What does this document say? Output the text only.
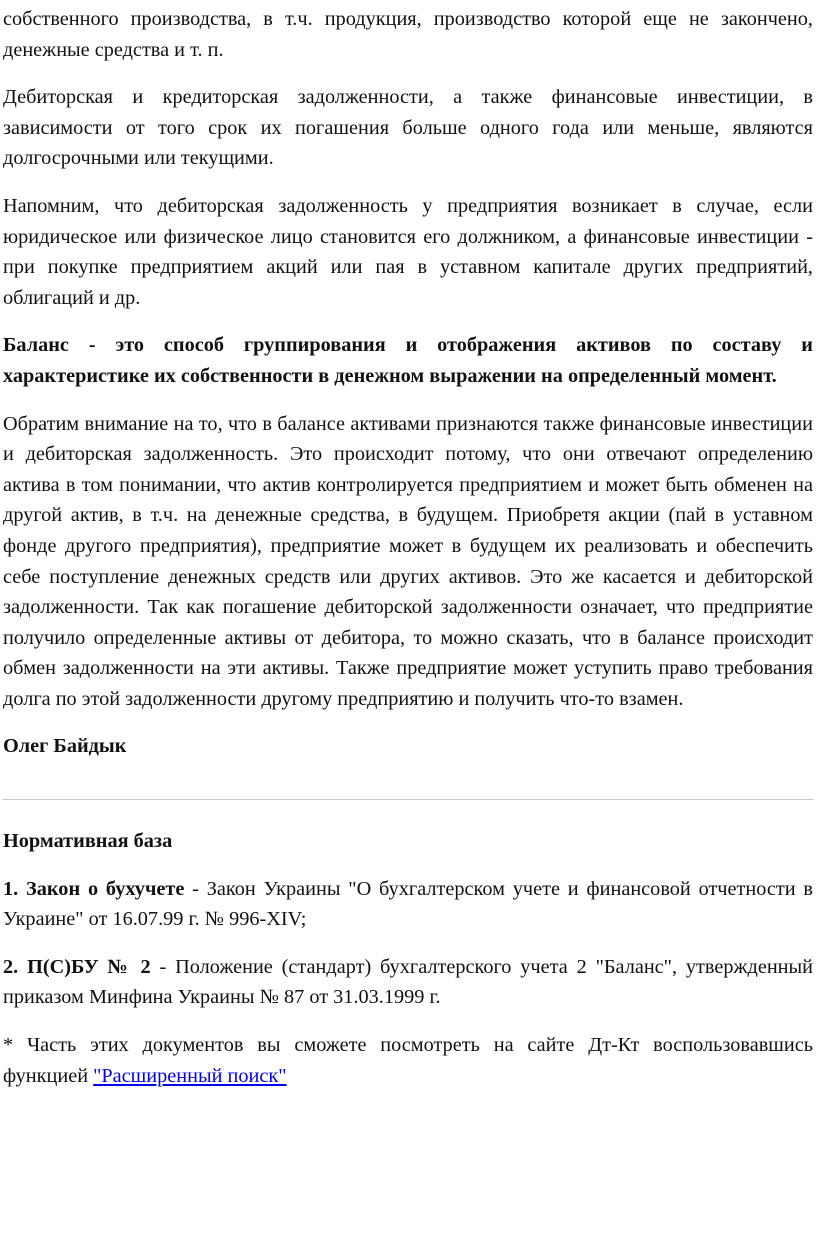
собственного производства, в т.ч. продукция, производство которой еще не закончено, денежные средства и т. п.

Дебиторская и кредиторская задолженности, а также финансовые инвестиции, в зависимости от того срок их погашения больше одного года или меньше, являются долгосрочными или текущими.

Напомним, что дебиторская задолженность у предприятия возникает в случае, если юридическое или физическое лицо становится его должником, а финансовые инвестиции - при покупке предприятием акций или пая в уставном капитале других предприятий, облигаций и др.

Баланс - это способ группирования и отображения активов по составу и характеристике их собственности в денежном выражении на определенный момент.

Обратим внимание на то, что в балансе активами признаются также финансовые инвестиции и дебиторская задолженность. Это происходит потому, что они отвечают определению актива в том понимании, что актив контролируется предприятием и может быть обменен на другой актив, в т.ч. на денежные средства, в будущем. Приобретя акции (пай в уставном фонде другого предприятия), предприятие может в будущем их реализовать и обеспечить себе поступление денежных средств или других активов. Это же касается и дебиторской задолженности. Так как погашение дебиторской задолженности означает, что предприятие получило определенные активы от дебитора, то можно сказать, что в балансе происходит обмен задолженности на эти активы. Также предприятие может уступить право требования долга по этой задолженности другому предприятию и получить что-то взамен.

Олег Байдык

Нормативная база

1. Закон о бухучете - Закон Украины "О бухгалтерском учете и финансовой отчетности в Украине" от 16.07.99 г. № 996-XIV;

2. П(С)БУ № 2 - Положение (стандарт) бухгалтерского учета 2 "Баланс", утвержденный приказом Минфина Украины № 87 от 31.03.1999 г.

* Часть этих документов вы сможете посмотреть на сайте Дт-Кт воспользовавшись функцией "Расширенный поиск"
